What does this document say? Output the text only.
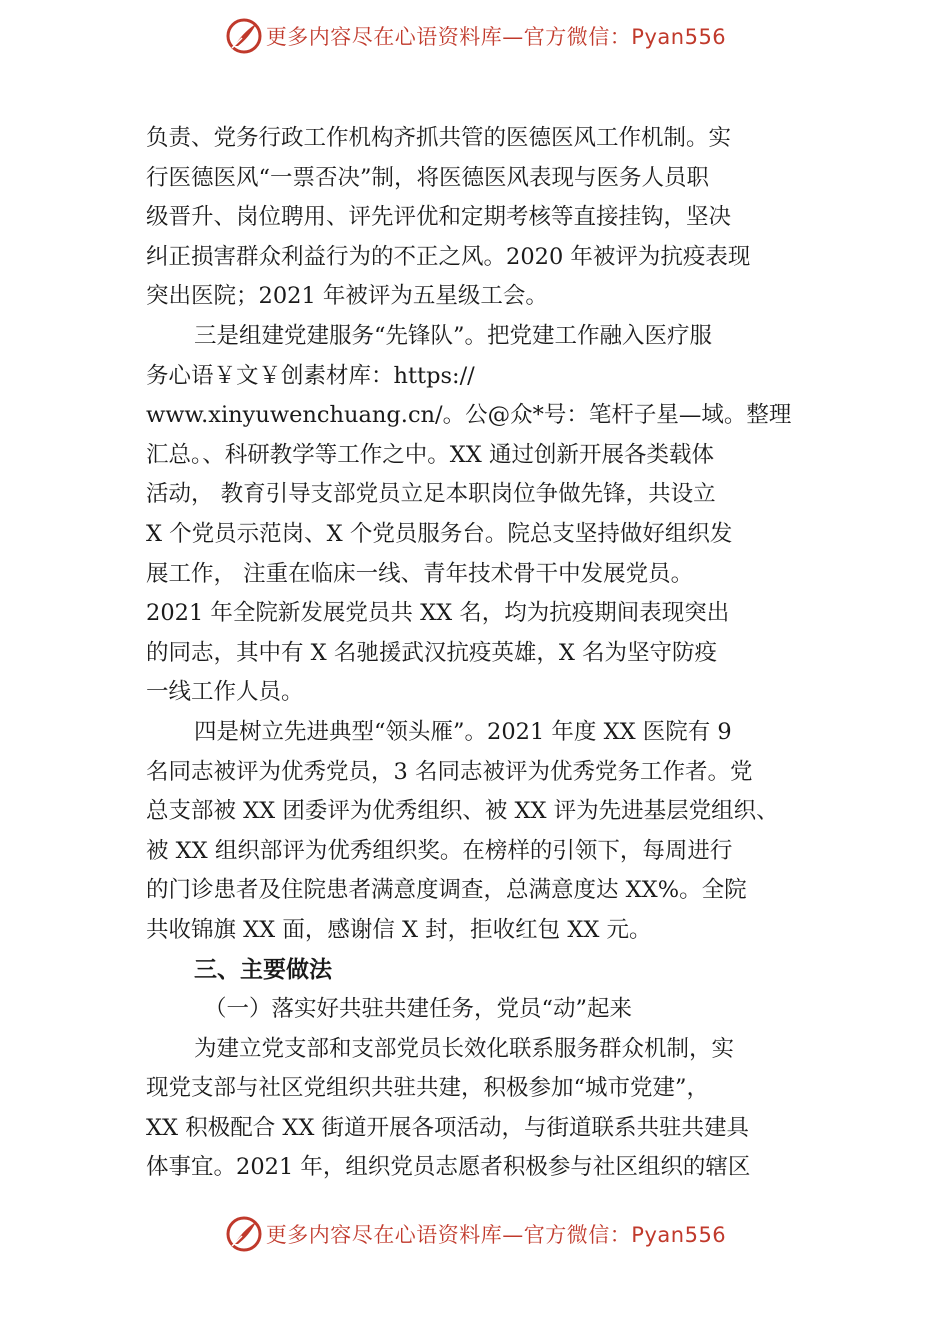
更多内容尽在心语资料库—官方微信：Pyan556
负责、党务行政工作机构齐抓共管的医德医风工作机制。实
行医德医风“一票否决”制，将医德医风表现与医务人员职
级晋升、岗位聘用、评先评优和定期考核等直接挂钩，坚决
纠正损害群众利益行为的不正之风。2020 年被评为抗疫表现
突出医院；2021 年被评为五星级工会。
三是组建党建服务“先锋队”。把党建工作融入医疗服
务心语￥文￥创素材库：https://
www.xinyuwenchuang.cn/。公@众*号：笔杆子星—域。整理
汇总。、科研教学等工作之中。XX 通过创新开展各类载体
活动， 教育引导支部党员立足本职岗位争做先锋，共设立
X 个党员示范岗、X 个党员服务台。院总支坚持做好组织发
展工作， 注重在临床一线、青年技术骨干中发展党员。
2021 年全院新发展党员共 XX 名，均为抗疫期间表现突出
的同志，其中有 X 名驰援武汉抗疫英雄，X 名为坚守防疫
一线工作人员。
四是树立先进典型“领头雁”。2021 年度 XX 医院有 9
名同志被评为优秀党员，3 名同志被评为优秀党务工作者。党
总支部被 XX 团委评为优秀组织、被 XX 评为先进基层党组织、
被 XX 组织部评为优秀组织奖。在榜样的引领下，每周进行
的门诊患者及住院患者满意度调查，总满意度达 XX%。全院
共收锦旗 XX 面，感谢信 X 封，拒收红包 XX 元。
三、主要做法
（一）落实好共驻共建任务，党员“动”起来
为建立党支部和支部党员长效化联系服务群众机制，实
现党支部与社区党组织共驻共建，积极参加“城市党建”，
XX 积极配合 XX 街道开展各项活动，与街道联系共驻共建具
体事宜。2021 年，组织党员志愿者积极参与社区组织的辖区
更多内容尽在心语资料库—官方微信：Pyan556
